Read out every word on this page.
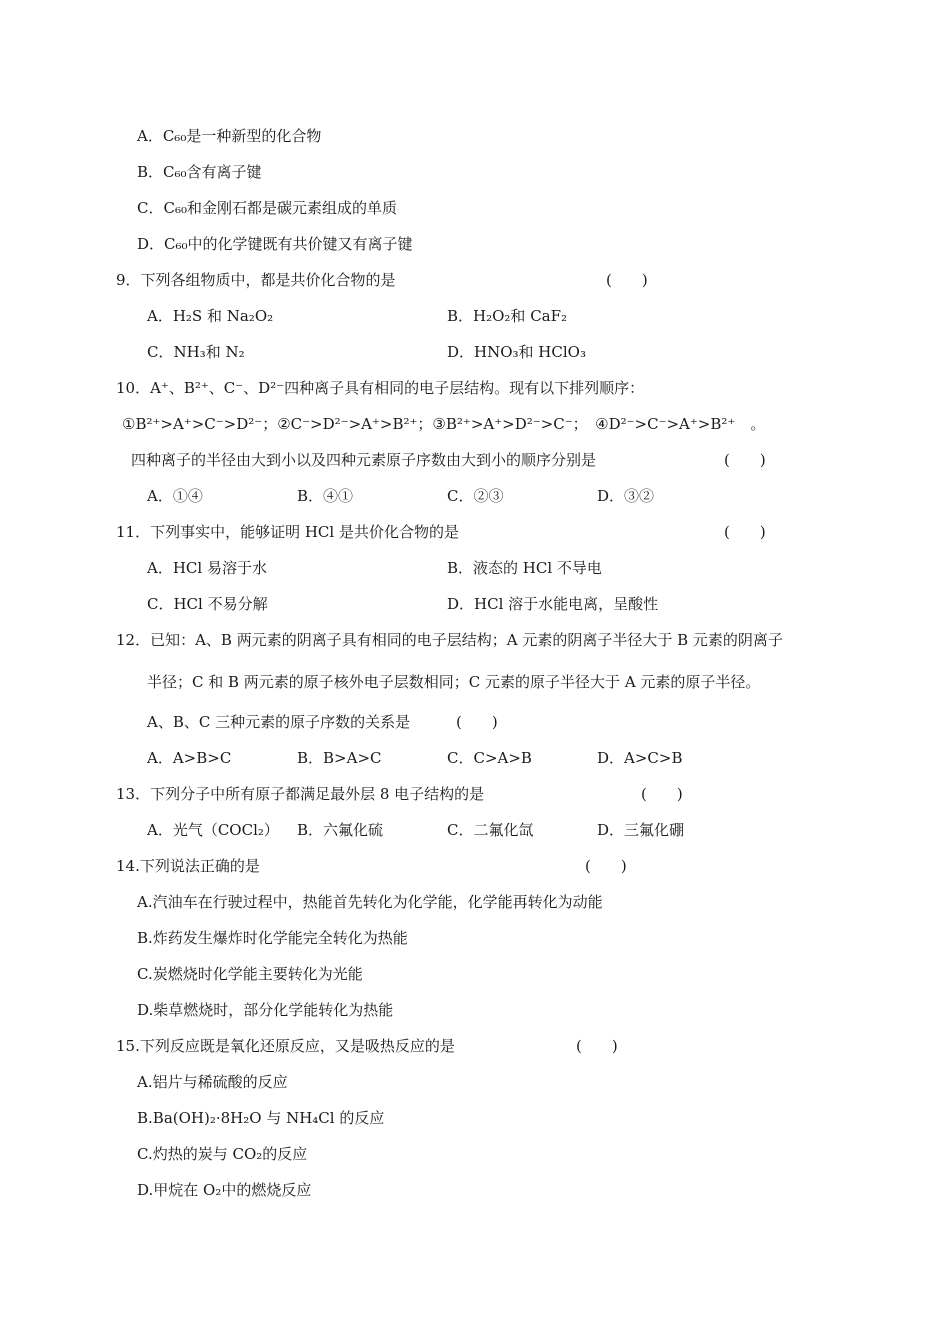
A．C₆₀是一种新型的化合物
B．C₆₀含有离子键
C．C₆₀和金刚石都是碳元素组成的单质
D．C₆₀中的化学键既有共价键又有离子键
9．下列各组物质中，都是共价化合物的是	(　　)
A．H₂S 和 Na₂O₂	B．H₂O₂和 CaF₂
C．NH₃和 N₂	D．HNO₃和 HClO₃
10．A⁺、B²⁺、C⁻、D²⁻四种离子具有相同的电子层结构。现有以下排列顺序：
①B²⁺>A⁺>C⁻>D²⁻；②C⁻>D²⁻>A⁺>B²⁺；③B²⁺>A⁺>D²⁻>C⁻；　④D²⁻>C⁻>A⁺>B²⁺　。
四种离子的半径由大到小以及四种元素原子序数由大到小的顺序分别是	(　　)
A．①④	B．④①	C．②③	D．③②
11．下列事实中，能够证明 HCl 是共价化合物的是	(　　)
A．HCl 易溶于水	B．液态的 HCl 不导电
C．HCl 不易分解	D．HCl 溶于水能电离，呈酸性
12．已知：A、B 两元素的阴离子具有相同的电子层结构；A 元素的阴离子半径大于 B 元素的阴离子
半径；C 和 B 两元素的原子核外电子层数相同；C 元素的原子半径大于 A 元素的原子半径。
A、B、C 三种元素的原子序数的关系是	(　　)
A．A>B>C	B．B>A>C	C．C>A>B	D．A>C>B
13．下列分子中所有原子都满足最外层 8 电子结构的是	(　　)
A．光气（COCl₂） B．六氟化硫	C．二氟化氙	D．三氟化硼
14.下列说法正确的是	(　　)
A.汽油车在行驶过程中，热能首先转化为化学能，化学能再转化为动能
B.炸药发生爆炸时化学能完全转化为热能
C.炭燃烧时化学能主要转化为光能
D.柴草燃烧时，部分化学能转化为热能
15.下列反应既是氧化还原反应，又是吸热反应的是	(　　)
A.铝片与稀硫酸的反应
B.Ba(OH)₂·8H₂O 与 NH₄Cl 的反应
C.灼热的炭与 CO₂的反应
D.甲烷在 O₂中的燃烧反应
